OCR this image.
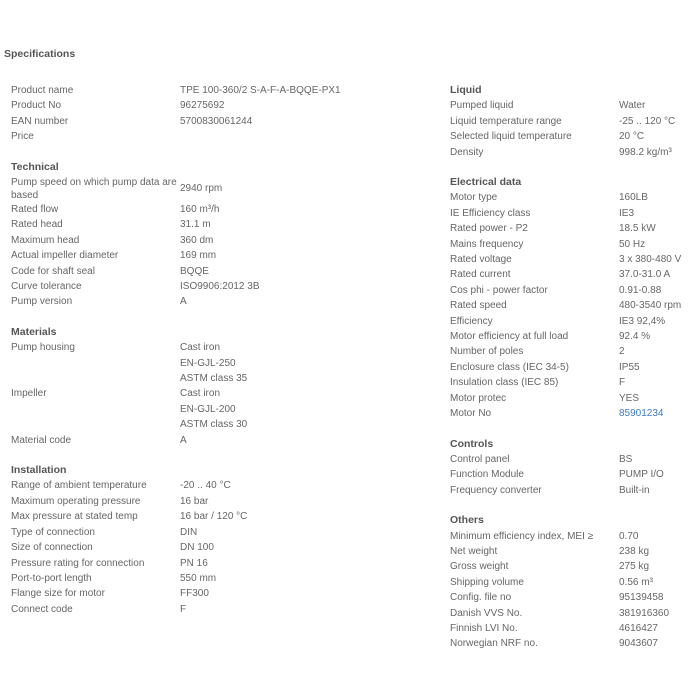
Specifications
Product name	TPE 100-360/2 S-A-F-A-BQQE-PX1
Product No	96275692
EAN number	5700830061244
Price
Technical
Pump speed on which pump data are based
2940 rpm
Rated flow	160 m³/h
Rated head	31.1 m
Maximum head	360 dm
Actual impeller diameter	169 mm
Code for shaft seal	BQQE
Curve tolerance	ISO9906:2012 3B
Pump version	A
Materials
Pump housing	Cast iron
EN-GJL-250
ASTM class 35
Impeller	Cast iron
EN-GJL-200
ASTM class 30
Material code	A
Installation
Range of ambient temperature	-20 .. 40 °C
Maximum operating pressure	16 bar
Max pressure at stated temp	16 bar / 120 °C
Type of connection	DIN
Size of connection	DN 100
Pressure rating for connection	PN 16
Port-to-port length	550 mm
Flange size for motor	FF300
Connect code	F
Liquid
Pumped liquid	Water
Liquid temperature range	-25 .. 120 °C
Selected liquid temperature	20 °C
Density	998.2 kg/m³
Electrical data
Motor type	160LB
IE Efficiency class	IE3
Rated power - P2	18.5 kW
Mains frequency	50 Hz
Rated voltage	3 x 380-480 V
Rated current	37.0-31.0 A
Cos phi - power factor	0.91-0.88
Rated speed	480-3540 rpm
Efficiency	IE3 92,4%
Motor efficiency at full load	92.4 %
Number of poles	2
Enclosure class (IEC 34-5)	IP55
Insulation class (IEC 85)	F
Motor protec	YES
Motor No	85901234
Controls
Control panel	BS
Function Module	PUMP I/O
Frequency converter	Built-in
Others
Minimum efficiency index, MEI ≥	0.70
Net weight	238 kg
Gross weight	275 kg
Shipping volume	0.56 m³
Config. file no	95139458
Danish VVS No.	381916360
Finnish LVI No.	4616427
Norwegian NRF no.	9043607
